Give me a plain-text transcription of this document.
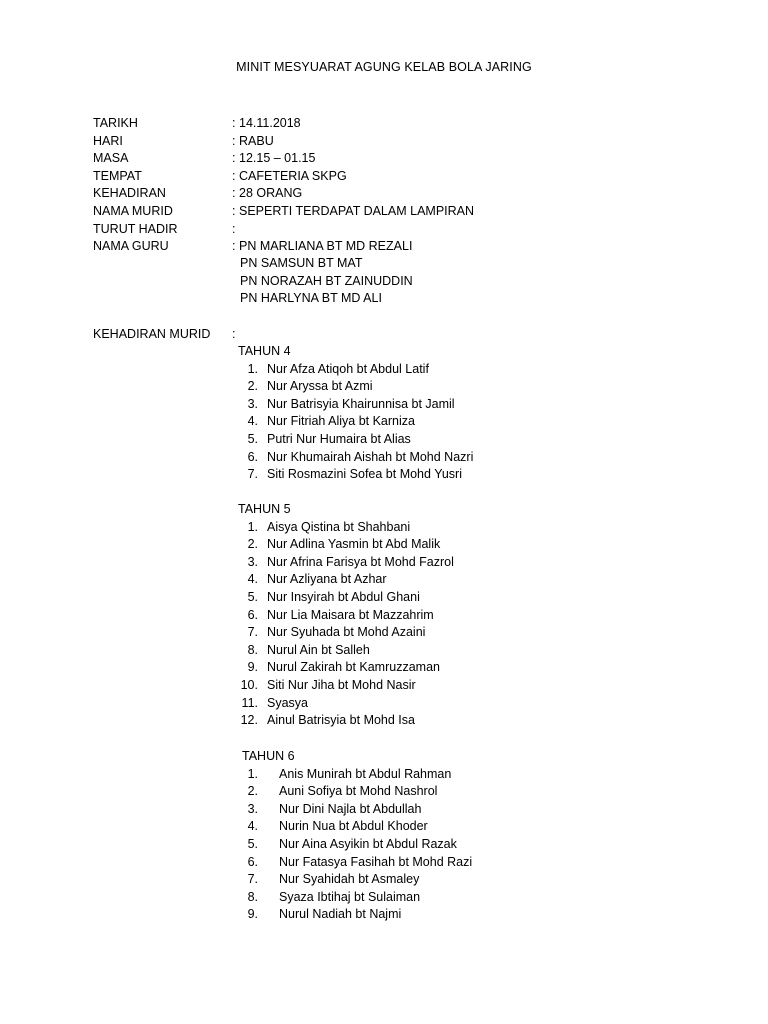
MINIT MESYUARAT AGUNG KELAB BOLA JARING
TARIKH	: 14.11.2018
HARI	: RABU
MASA	: 12.15 – 01.15
TEMPAT	: CAFETERIA SKPG
KEHADIRAN	: 28 ORANG
NAMA MURID	: SEPERTI TERDAPAT DALAM LAMPIRAN
TURUT HADIR	:
NAMA GURU	: PN MARLIANA BT MD REZALI
PN SAMSUN BT MAT
PN NORAZAH BT ZAINUDDIN
PN HARLYNA BT MD ALI
KEHADIRAN MURID :
TAHUN 4
1. Nur Afza Atiqoh bt Abdul Latif
2. Nur Aryssa bt Azmi
3. Nur Batrisyia Khairunnisa bt Jamil
4. Nur Fitriah Aliya bt Karniza
5. Putri Nur Humaira bt Alias
6. Nur Khumairah Aishah bt Mohd Nazri
7. Siti Rosmazini Sofea bt Mohd Yusri
TAHUN 5
1. Aisya Qistina bt Shahbani
2. Nur Adlina Yasmin bt Abd Malik
3. Nur Afrina Farisya bt Mohd Fazrol
4. Nur Azliyana bt Azhar
5. Nur Insyirah bt Abdul Ghani
6. Nur Lia Maisara bt Mazzahrim
7. Nur Syuhada bt Mohd Azaini
8. Nurul Ain bt Salleh
9. Nurul Zakirah bt Kamruzzaman
10. Siti Nur Jiha bt Mohd Nasir
11. Syasya
12. Ainul Batrisyia bt Mohd Isa
TAHUN 6
1. Anis Munirah bt Abdul Rahman
2. Auni Sofiya bt Mohd Nashrol
3. Nur Dini Najla bt Abdullah
4. Nurin Nua bt Abdul Khoder
5. Nur Aina Asyikin bt Abdul Razak
6. Nur Fatasya Fasihah bt Mohd Razi
7. Nur Syahidah bt Asmaley
8. Syaza Ibtihaj bt Sulaiman
9. Nurul Nadiah bt Najmi
